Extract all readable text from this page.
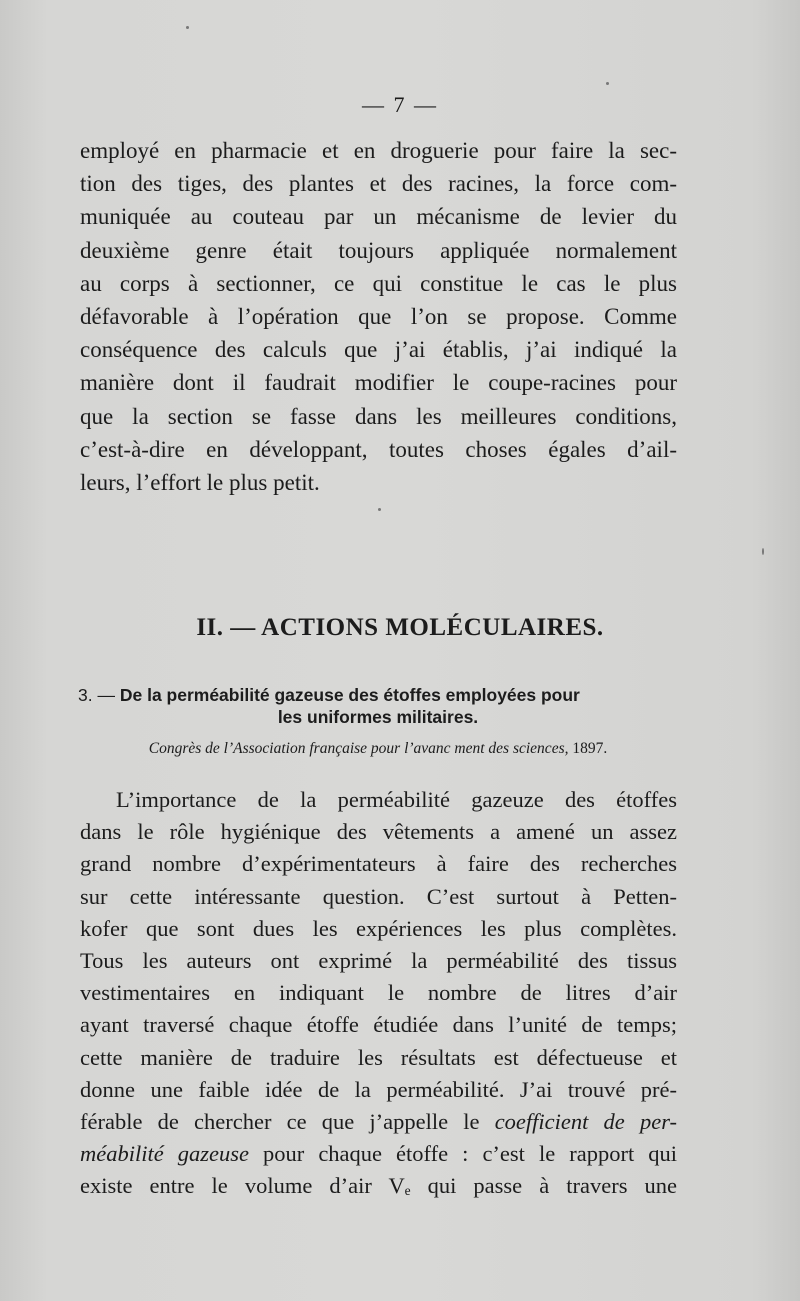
— 7 —
employé en pharmacie et en droguerie pour faire la sec-
tion des tiges, des plantes et des racines, la force com-
muniquée au couteau par un mécanisme de levier du
deuxième genre était toujours appliquée normalement
au corps à sectionner, ce qui constitue le cas le plus
défavorable à l’opération que l’on se propose. Comme
conséquence des calculs que j’ai établis, j’ai indiqué la
manière dont il faudrait modifier le coupe-racines pour
que la section se fasse dans les meilleures conditions,
c’est-à-dire en développant, toutes choses égales d’ail-
leurs, l’effort le plus petit.
II. — ACTIONS MOLÉCULAIRES.
3. — De la perméabilité gazeuse des étoffes employées pour
les uniformes militaires.
Congrès de l’Association française pour l’avanc ment des sciences, 1897.
L’importance de la perméabilité gazeuze des étoffes
dans le rôle hygiénique des vêtements a amené un assez
grand nombre d’expérimentateurs à faire des recherches
sur cette intéressante question. C’est surtout à Petten-
kofer que sont dues les expériences les plus complètes.
Tous les auteurs ont exprimé la perméabilité des tissus
vestimentaires en indiquant le nombre de litres d’air
ayant traversé chaque étoffe étudiée dans l’unité de temps;
cette manière de traduire les résultats est défectueuse et
donne une faible idée de la perméabilité. J’ai trouvé pré-
férable de chercher ce que j’appelle le coefficient de per-
méabilité gazeuse pour chaque étoffe : c’est le rapport qui
existe entre le volume d’air Vₑ qui passe à travers une
